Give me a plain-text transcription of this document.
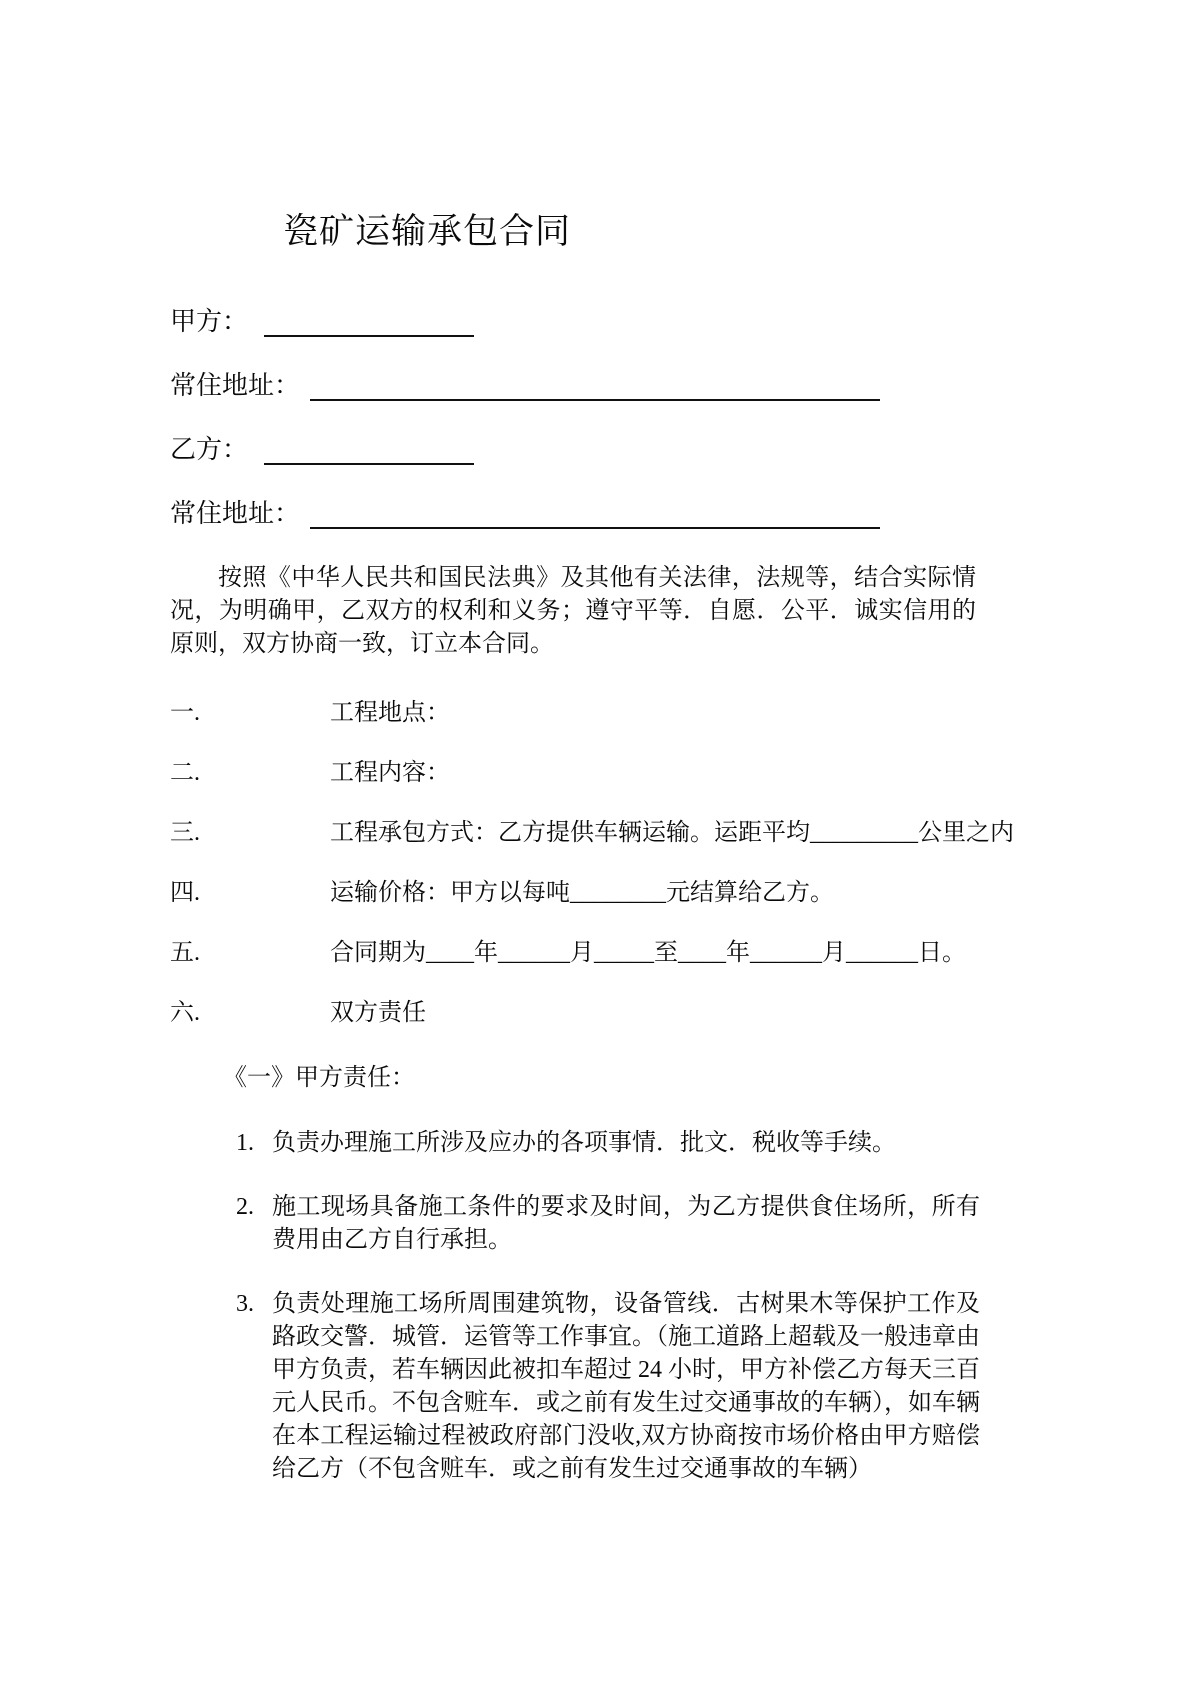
瓷矿运输承包合同
甲方：
常住地址：
乙方：
常住地址：

按照《中华人民共和国民法典》及其他有关法律，法规等，结合实际情况，为明确甲，乙双方的权利和义务；遵守平等．自愿．公平．诚实信用的原则，双方协商一致，订立本合同。

一.	工程地点：
二.	工程内容：
三.	工程承包方式：乙方提供车辆运输。运距平均_________公里之内
四.	运输价格：甲方以每吨________元结算给乙方。
五.	合同期为____年______月_____至____年______月______日。
六.	双方责任
《一》甲方责任：
1. 负责办理施工所涉及应办的各项事情．批文．税收等手续。
2. 施工现场具备施工条件的要求及时间，为乙方提供食住场所，所有费用由乙方自行承担。
3. 负责处理施工场所周围建筑物，设备管线．古树果木等保护工作及路政交警．城管．运管等工作事宜。（施工道路上超载及一般违章由甲方负责，若车辆因此被扣车超过 24 小时，甲方补偿乙方每天三百元人民币。不包含赃车．或之前有发生过交通事故的车辆），如车辆在本工程运输过程被政府部门没收,双方协商按市场价格由甲方赔偿给乙方（不包含赃车．或之前有发生过交通事故的车辆）
